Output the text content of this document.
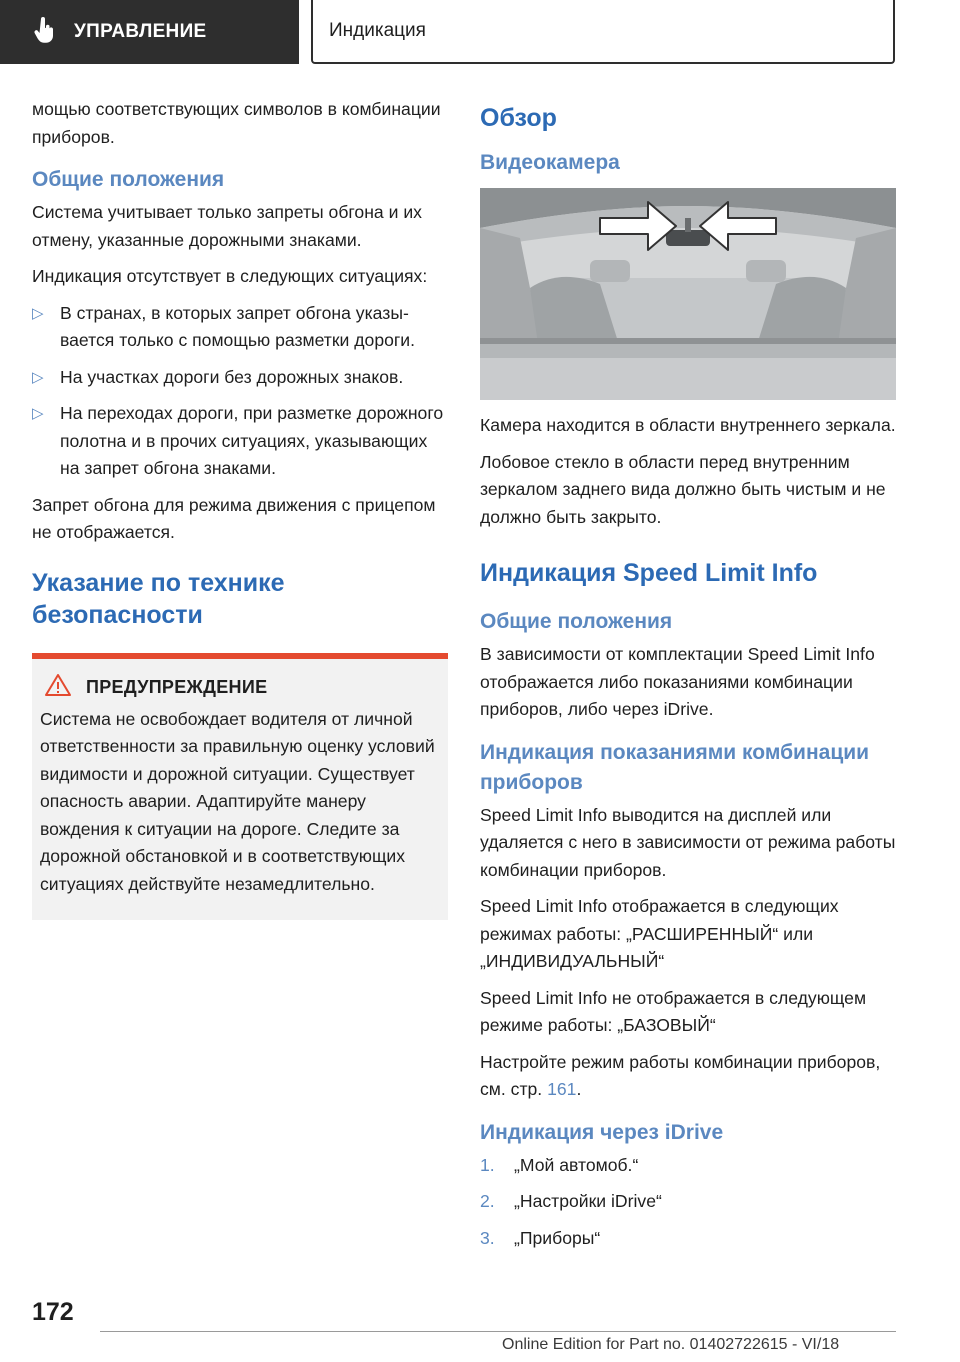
УПРАВЛЕНИЕ	Индикация

мощью соответствующих символов в комбинации приборов.

Общие положения

Система учитывает только запреты обгона и их отмену, указанные дорожными знаками.

Индикация отсутствует в следующих ситуациях:

▷ В странах, в которых запрет обгона указывается только с помощью разметки дороги.
▷ На участках дороги без дорожных знаков.
▷ На переходах дороги, при разметке дорожного полотна и в прочих ситуациях, указывающих на запрет обгона знаками.

Запрет обгона для режима движения с прицепом не отображается.

Указание по технике безопасности
ПРЕДУПРЕЖДЕНИЕ

Система не освобождает водителя от личной ответственности за правильную оценку условий видимости и дорожной ситуации. Существует опасность аварии. Адаптируйте манеру вождения к ситуации на дороге. Следите за дорожной обстановкой и в соответствующих ситуациях действуйте незамедлительно.

Обзор
Видеокамера

Камера находится в области внутреннего зеркала.

Лобовое стекло в области перед внутренним зеркалом заднего вида должно быть чистым и не должно быть закрыто.

Индикация Speed Limit Info
Общие положения

В зависимости от комплектации Speed Limit Info отображается либо показаниями комбинации приборов, либо через iDrive.

Индикация показаниями комбинации приборов

Speed Limit Info выводится на дисплей или удаляется с него в зависимости от режима работы комбинации приборов.

Speed Limit Info отображается в следующих режимах работы: „РАСШИРЕННЫЙ“ или „ИНДИВИДУАЛЬНЫЙ“

Speed Limit Info не отображается в следующем режиме работы: „БАЗОВЫЙ“

Настройте режим работы комбинации приборов, см. стр. 161.

Индикация через iDrive
1. „Мой автомоб.“
2. „Настройки iDrive“
3. „Приборы“
172
Online Edition for Part no. 01402722615 - VI/18
